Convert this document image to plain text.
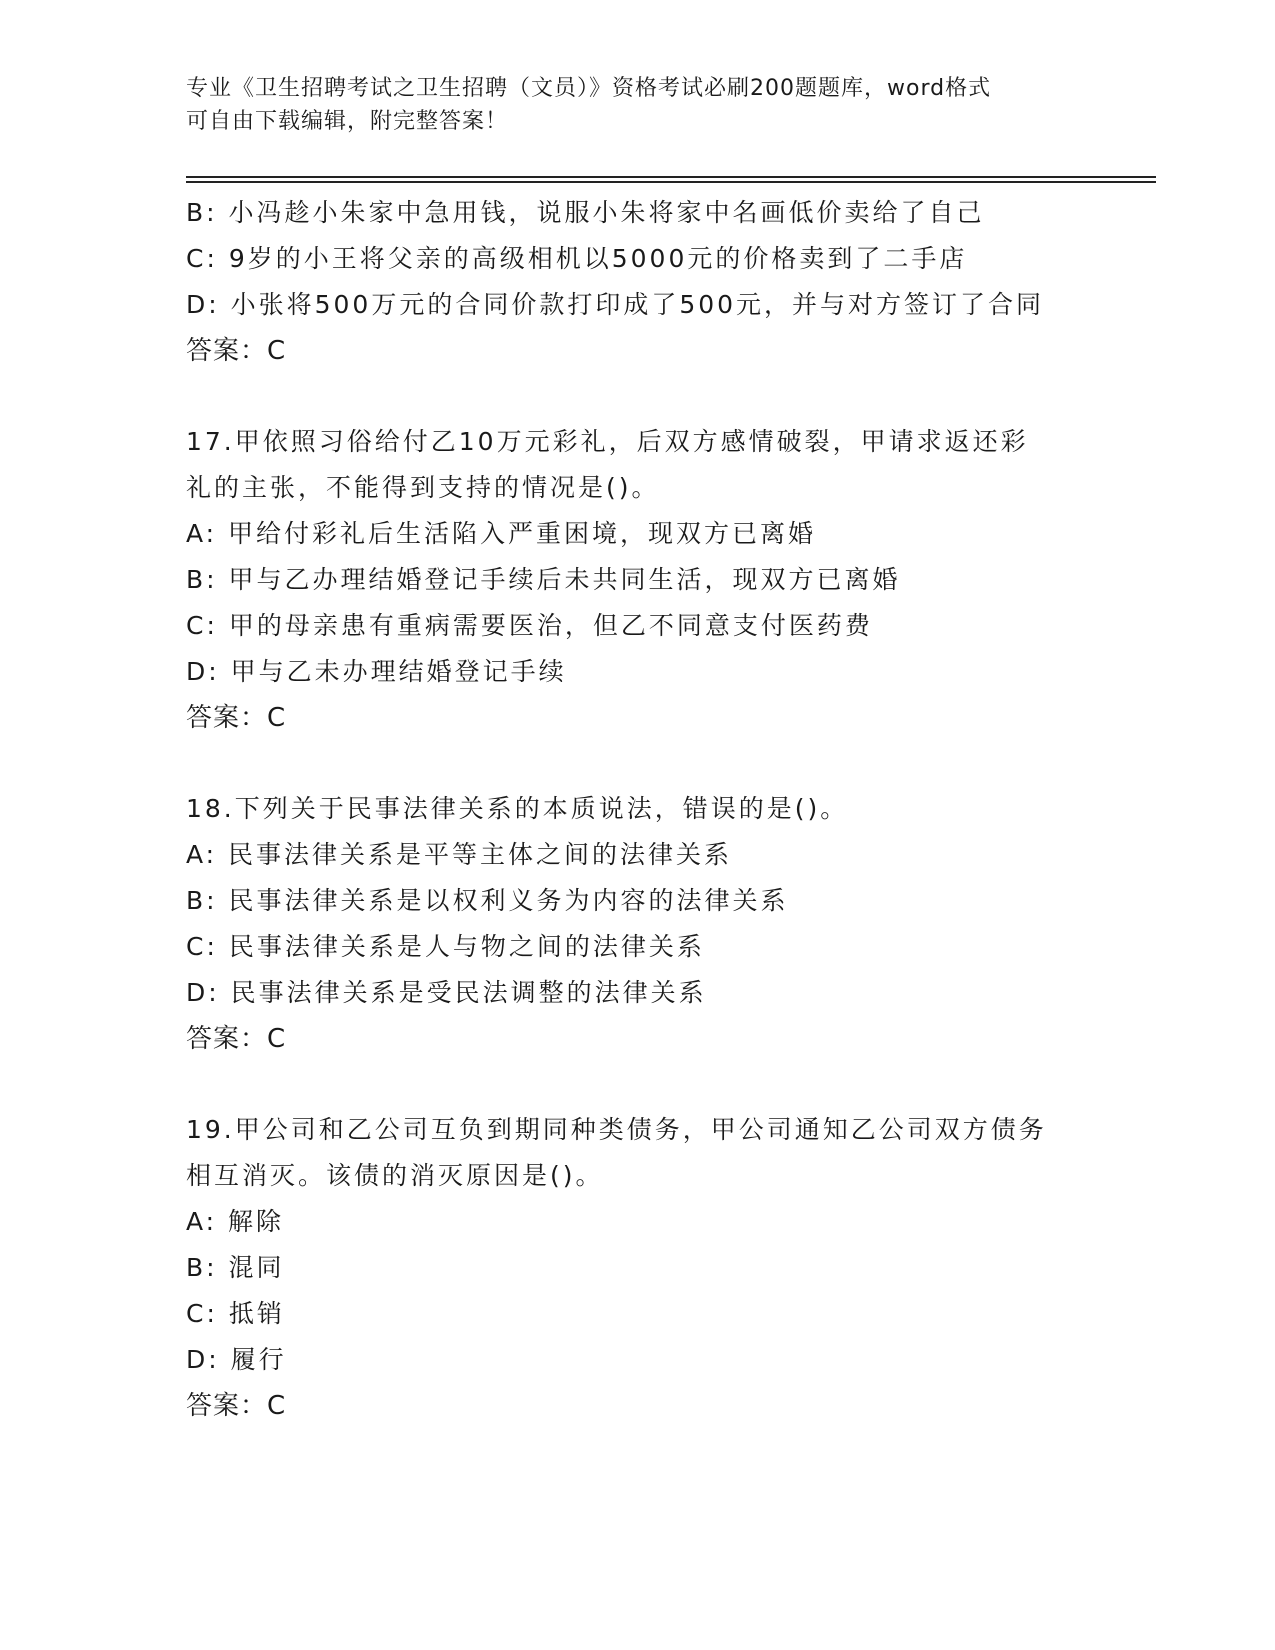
专业《卫生招聘考试之卫生招聘（文员）》资格考试必刷200题题库，word格式
可自由下载编辑，附完整答案！
B: 小冯趁小朱家中急用钱，说服小朱将家中名画低价卖给了自己
C: 9岁的小王将父亲的高级相机以5000元的价格卖到了二手店
D: 小张将500万元的合同价款打印成了500元，并与对方签订了合同
答案：C
17.甲依照习俗给付乙10万元彩礼，后双方感情破裂，甲请求返还彩
礼的主张，不能得到支持的情况是()。
A: 甲给付彩礼后生活陷入严重困境，现双方已离婚
B: 甲与乙办理结婚登记手续后未共同生活，现双方已离婚
C: 甲的母亲患有重病需要医治，但乙不同意支付医药费
D: 甲与乙未办理结婚登记手续
答案：C
18.下列关于民事法律关系的本质说法，错误的是()。
A: 民事法律关系是平等主体之间的法律关系
B: 民事法律关系是以权利义务为内容的法律关系
C: 民事法律关系是人与物之间的法律关系
D: 民事法律关系是受民法调整的法律关系
答案：C
19.甲公司和乙公司互负到期同种类债务，甲公司通知乙公司双方债务
相互消灭。该债的消灭原因是()。
A: 解除
B: 混同
C: 抵销
D: 履行
答案：C
